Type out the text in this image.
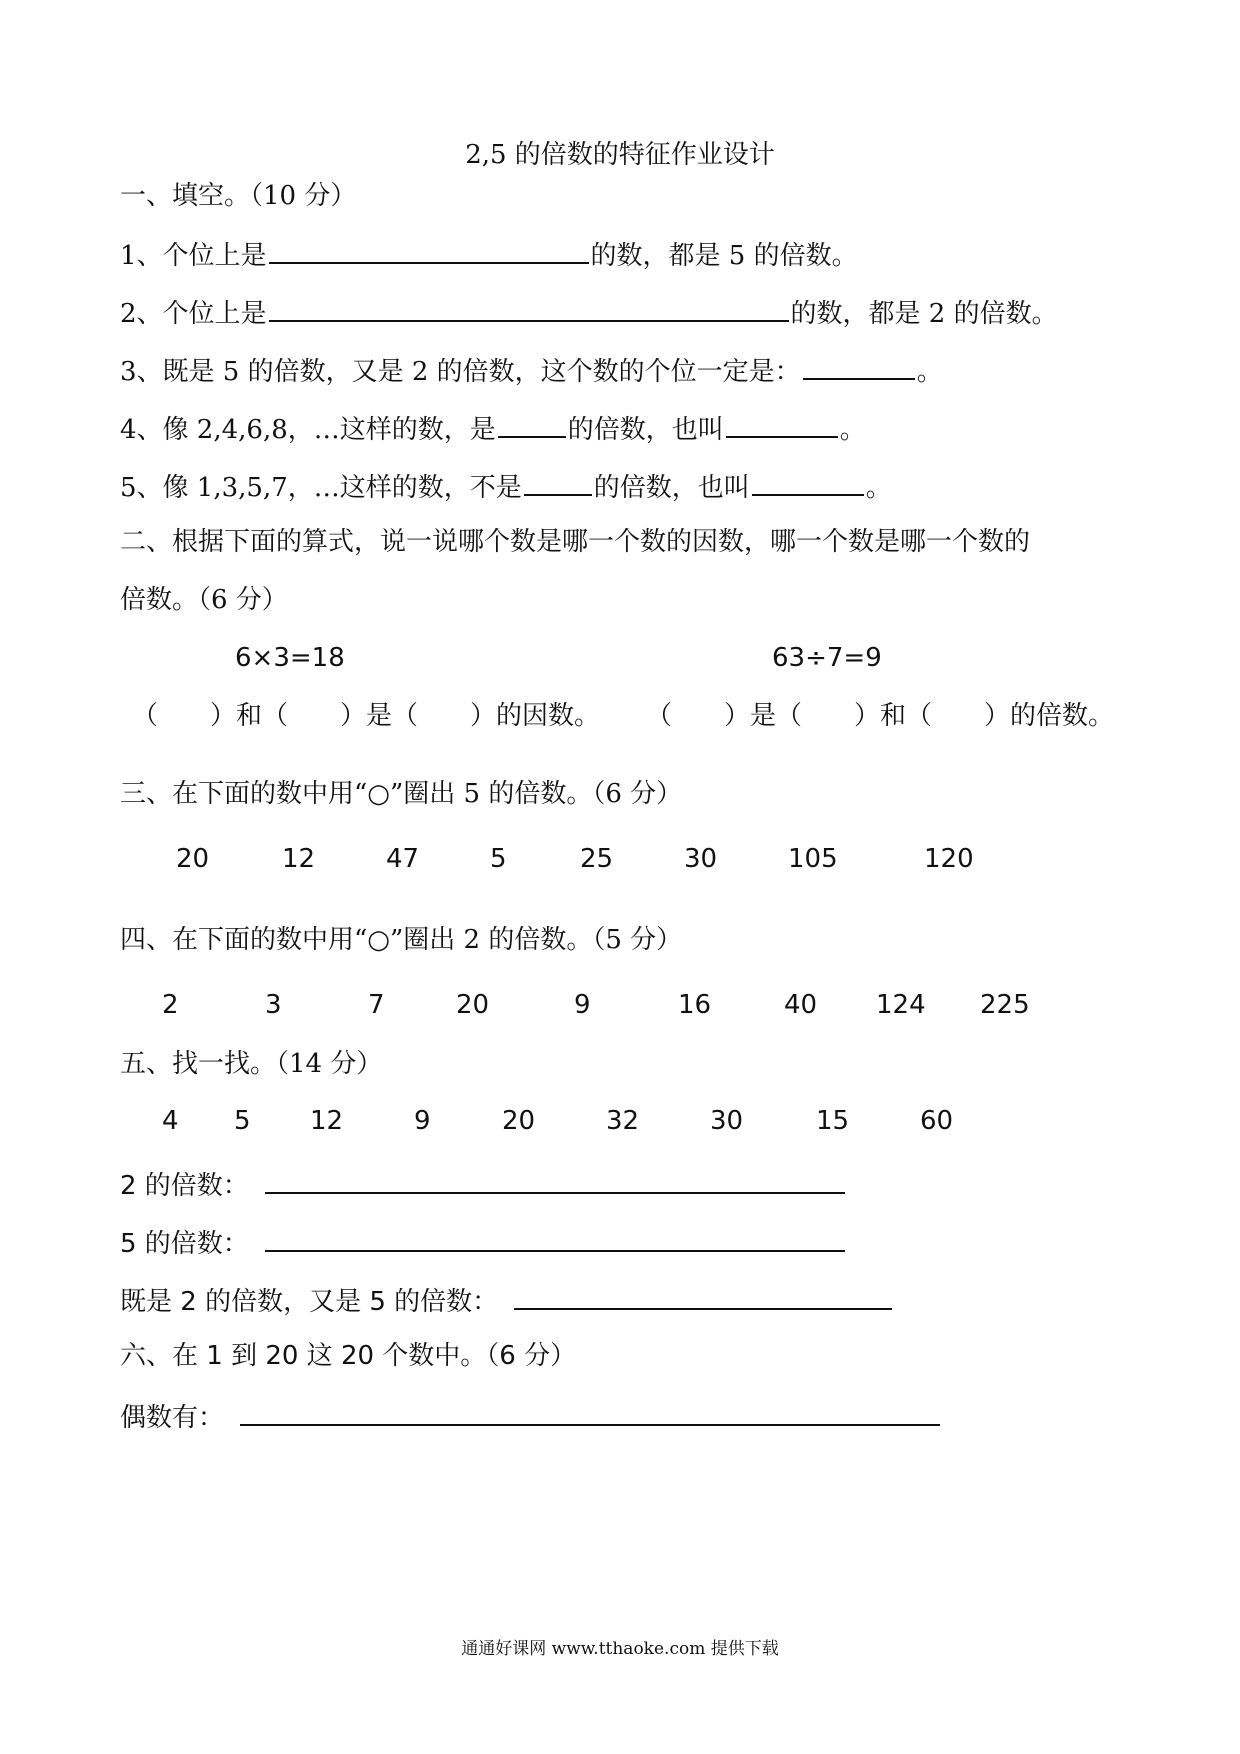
2,5 的倍数的特征作业设计
一、填空。（10 分）
1、个位上是	的数，都是 5 的倍数。
2、个位上是	的数，都是 2 的倍数。
3、既是 5 的倍数，又是 2 的倍数，这个数的个位一定是：	。
4、像 2,4,6,8，…这样的数，是	的倍数，也叫	。
5、像 1,3,5,7，…这样的数，不是	的倍数，也叫	。
二、根据下面的算式，说一说哪个数是哪一个数的因数，哪一个数是哪一个数的
倍数。（6 分）
6×3=18	63÷7=9
（　　）和（　　）是（　　）的因数。 （　　）是（　　）和（　　）的倍数。
三、在下面的数中用“○”圈出 5 的倍数。（6 分）
20	12	47	5	25	30	105	120
四、在下面的数中用“○”圈出 2 的倍数。（5 分）
2	3	7	20	9	16	40 124 225
五、找一找。（14 分）
4 5 12	9	20	32	30	15	60
2 的倍数：
5 的倍数：
既是 2 的倍数，又是 5 的倍数：
六、在 1 到 20 这 20 个数中。（6 分）
偶数有：
通通好课网 www.tthaoke.com 提供下载
